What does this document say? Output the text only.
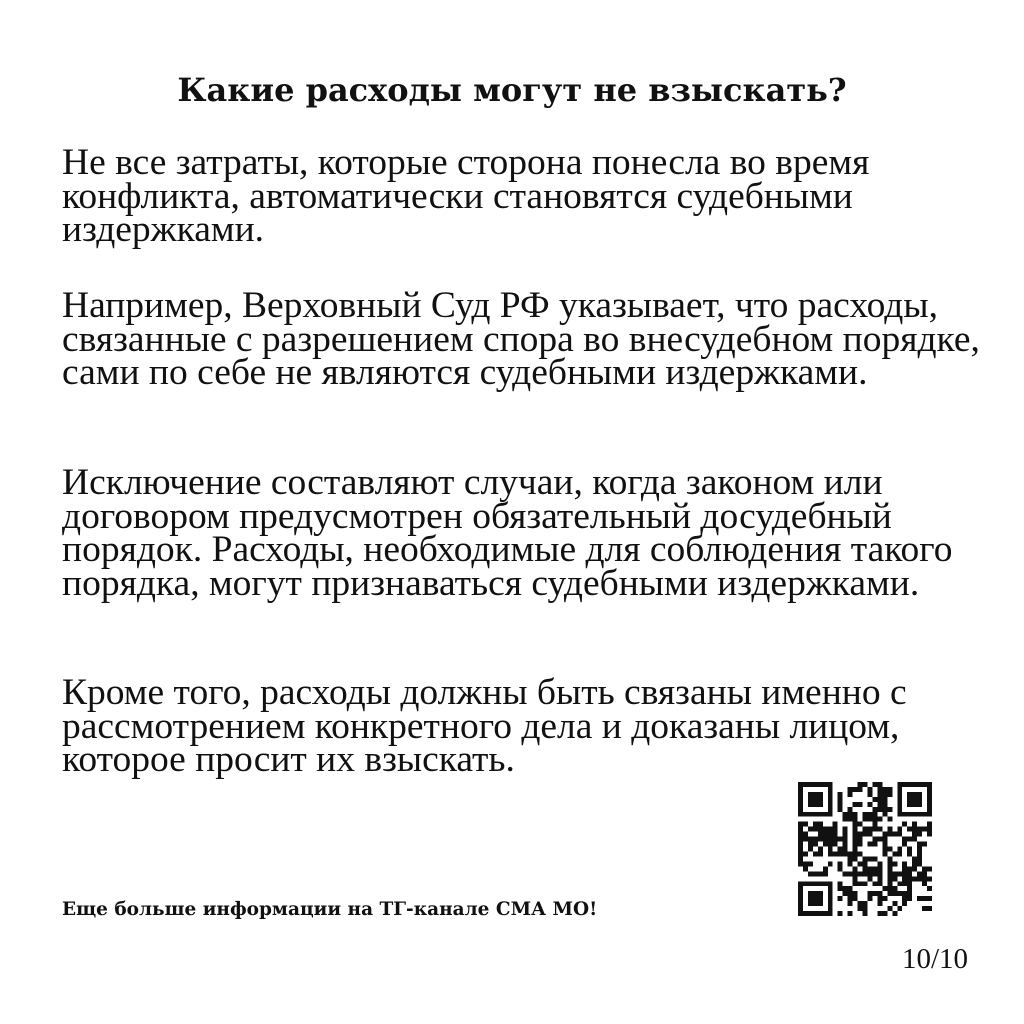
Какие расходы могут не взыскать?

Не все затраты, которые сторона понесла во время конфликта, автоматически становятся судебными издержками.

Например, Верховный Суд РФ указывает, что расходы, связанные с разрешением спора во внесудебном порядке, сами по себе не являются судебными издержками.

Исключение составляют случаи, когда законом или договором предусмотрен обязательный досудебный порядок. Расходы, необходимые для соблюдения такого порядка, могут признаваться судебными издержками.

Кроме того, расходы должны быть связаны именно с рассмотрением конкретного дела и доказаны лицом, которое просит их взыскать.

Еще больше информации на ТГ-канале СМА МО!

10/10
